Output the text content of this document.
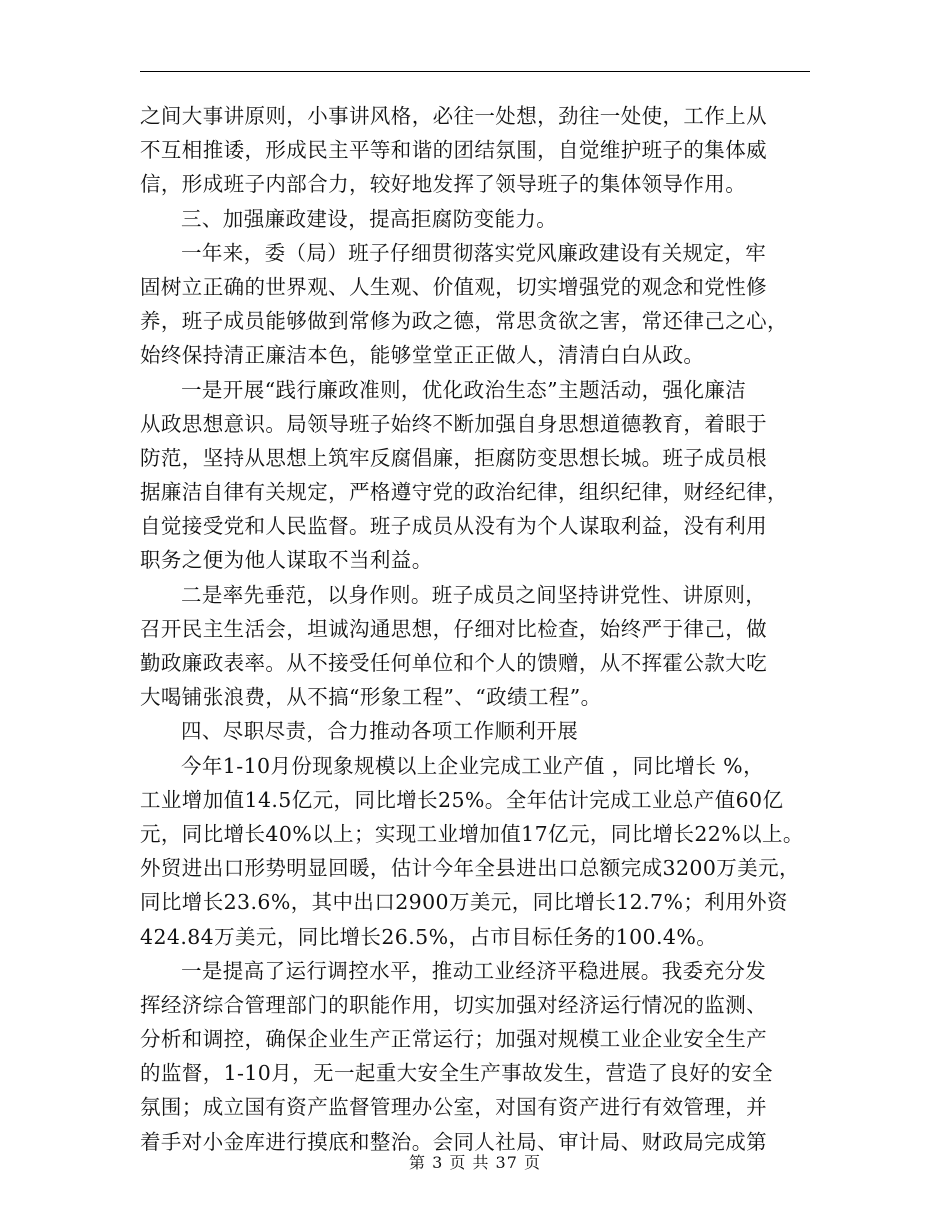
之间大事讲原则，小事讲风格，必往一处想，劲往一处使，工作上从
不互相推诿，形成民主平等和谐的团结氛围，自觉维护班子的集体威
信，形成班子内部合力，较好地发挥了领导班子的集体领导作用。
三、加强廉政建设，提高拒腐防变能力。
一年来，委（局）班子仔细贯彻落实党风廉政建设有关规定，牢
固树立正确的世界观、人生观、价值观，切实增强党的观念和党性修
养，班子成员能够做到常修为政之德，常思贪欲之害，常还律己之心，
始终保持清正廉洁本色，能够堂堂正正做人，清清白白从政。
一是开展“践行廉政准则，优化政治生态”主题活动，强化廉洁
从政思想意识。局领导班子始终不断加强自身思想道德教育，着眼于
防范，坚持从思想上筑牢反腐倡廉，拒腐防变思想长城。班子成员根
据廉洁自律有关规定，严格遵守党的政治纪律，组织纪律，财经纪律，
自觉接受党和人民监督。班子成员从没有为个人谋取利益，没有利用
职务之便为他人谋取不当利益。
二是率先垂范，以身作则。班子成员之间坚持讲党性、讲原则，
召开民主生活会，坦诚沟通思想，仔细对比检查，始终严于律己，做
勤政廉政表率。从不接受任何单位和个人的馈赠，从不挥霍公款大吃
大喝铺张浪费，从不搞“形象工程”、“政绩工程”。
四、尽职尽责，合力推动各项工作顺利开展
今年1-10月份现象规模以上企业完成工业产值 ，同比增长 %，
工业增加值14.5亿元，同比增长25%。全年估计完成工业总产值60亿
元，同比增长40%以上；实现工业增加值17亿元，同比增长22%以上。
外贸进出口形势明显回暖，估计今年全县进出口总额完成3200万美元，
同比增长23.6%，其中出口2900万美元，同比增长12.7%；利用外资
424.84万美元，同比增长26.5%，占市目标任务的100.4%。
一是提高了运行调控水平，推动工业经济平稳进展。我委充分发
挥经济综合管理部门的职能作用，切实加强对经济运行情况的监测、
分析和调控，确保企业生产正常运行；加强对规模工业企业安全生产
的监督，1-10月，无一起重大安全生产事故发生，营造了良好的安全
氛围；成立国有资产监督管理办公室，对国有资产进行有效管理，并
着手对小金库进行摸底和整治。会同人社局、审计局、财政局完成第
第 3 页 共 37 页
